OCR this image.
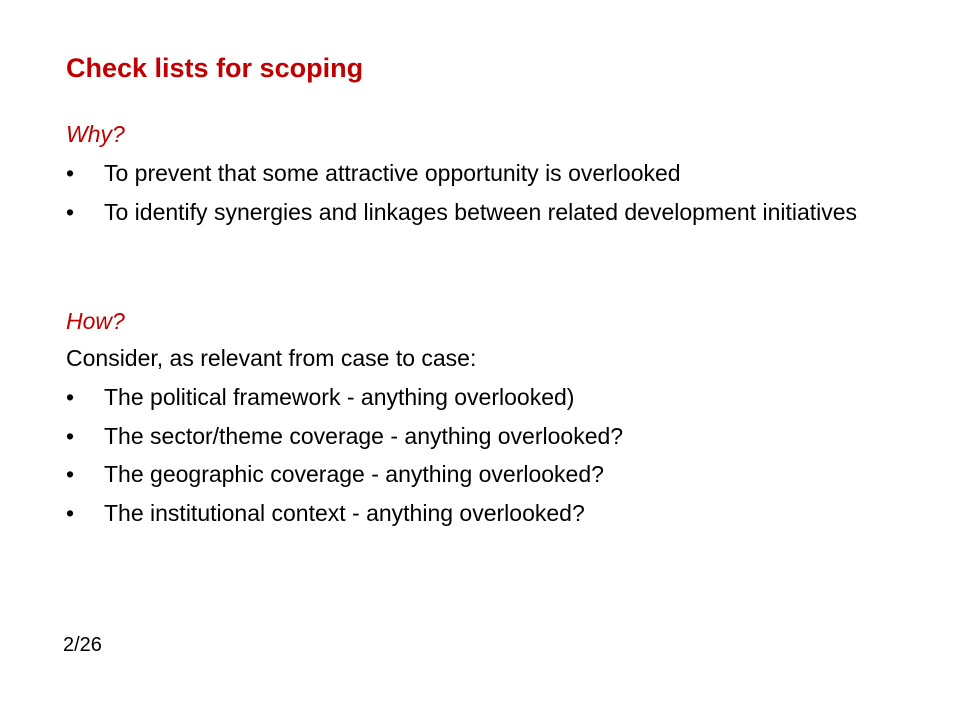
Check lists for scoping
Why?
• To prevent that some attractive opportunity is overlooked
• To identify synergies and linkages between related development initiatives
How?
Consider, as relevant from case to case:
• The political framework - anything overlooked)
• The sector/theme coverage - anything overlooked?
• The geographic coverage - anything overlooked?
• The institutional context - anything overlooked?
2/26
